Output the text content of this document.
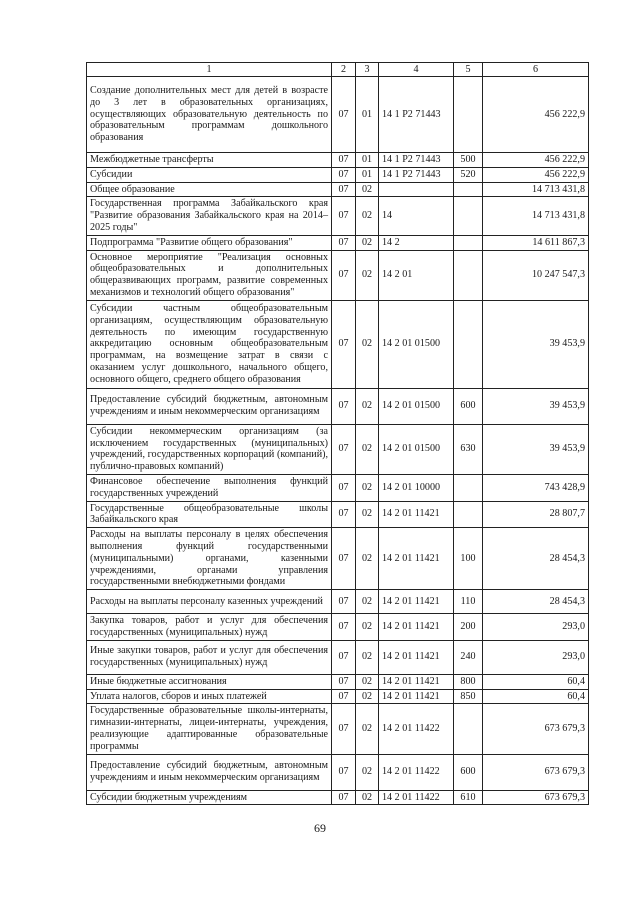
1	2	3	4	5	6
Создание дополнительных мест для детей в возрасте до 3 лет в образовательных организациях, осуществляющих образовательную деятельность по образовательным программам дошкольного образования	07	01	14 1 P2 71443		456 222,9
Межбюджетные трансферты	07	01	14 1 P2 71443	500	456 222,9
Субсидии	07	01	14 1 P2 71443	520	456 222,9
Общее образование	07	02			14 713 431,8
Государственная программа Забайкальского края "Развитие образования Забайкальского края на 2014–2025 годы"	07	02	14		14 713 431,8
Подпрограмма "Развитие общего образования"	07	02	14 2		14 611 867,3
Основное мероприятие "Реализация основных общеобразовательных и дополнительных общеразвивающих программ, развитие современных механизмов и технологий общего образования"	07	02	14 2 01		10 247 547,3
Субсидии частным общеобразовательным организациям, осуществляющим образовательную деятельность по имеющим государственную аккредитацию основным общеобразовательным программам, на возмещение затрат в связи с оказанием услуг дошкольного, начального общего, основного общего, среднего общего образования	07	02	14 2 01 01500		39 453,9
Предоставление субсидий бюджетным, автономным учреждениям и иным некоммерческим организациям	07	02	14 2 01 01500	600	39 453,9
Субсидии некоммерческим организациям (за исключением государственных (муниципальных) учреждений, государственных корпораций (компаний), публично-правовых компаний)	07	02	14 2 01 01500	630	39 453,9
Финансовое обеспечение выполнения функций государственных учреждений	07	02	14 2 01 10000		743 428,9
Государственные общеобразовательные школы Забайкальского края	07	02	14 2 01 11421		28 807,7
Расходы на выплаты персоналу в целях обеспечения выполнения функций государственными (муниципальными) органами, казенными учреждениями, органами управления государственными внебюджетными фондами	07	02	14 2 01 11421	100	28 454,3
Расходы на выплаты персоналу казенных учреждений	07	02	14 2 01 11421	110	28 454,3
Закупка товаров, работ и услуг для обеспечения государственных (муниципальных) нужд	07	02	14 2 01 11421	200	293,0
Иные закупки товаров, работ и услуг для обеспечения государственных (муниципальных) нужд	07	02	14 2 01 11421	240	293,0
Иные бюджетные ассигнования	07	02	14 2 01 11421	800	60,4
Уплата налогов, сборов и иных платежей	07	02	14 2 01 11421	850	60,4
Государственные образовательные школы-интернаты, гимназии-интернаты, лицеи-интернаты, учреждения, реализующие адаптированные образовательные программы	07	02	14 2 01 11422		673 679,3
Предоставление субсидий бюджетным, автономным учреждениям и иным некоммерческим организациям	07	02	14 2 01 11422	600	673 679,3
Субсидии бюджетным учреждениям	07	02	14 2 01 11422	610	673 679,3
69
